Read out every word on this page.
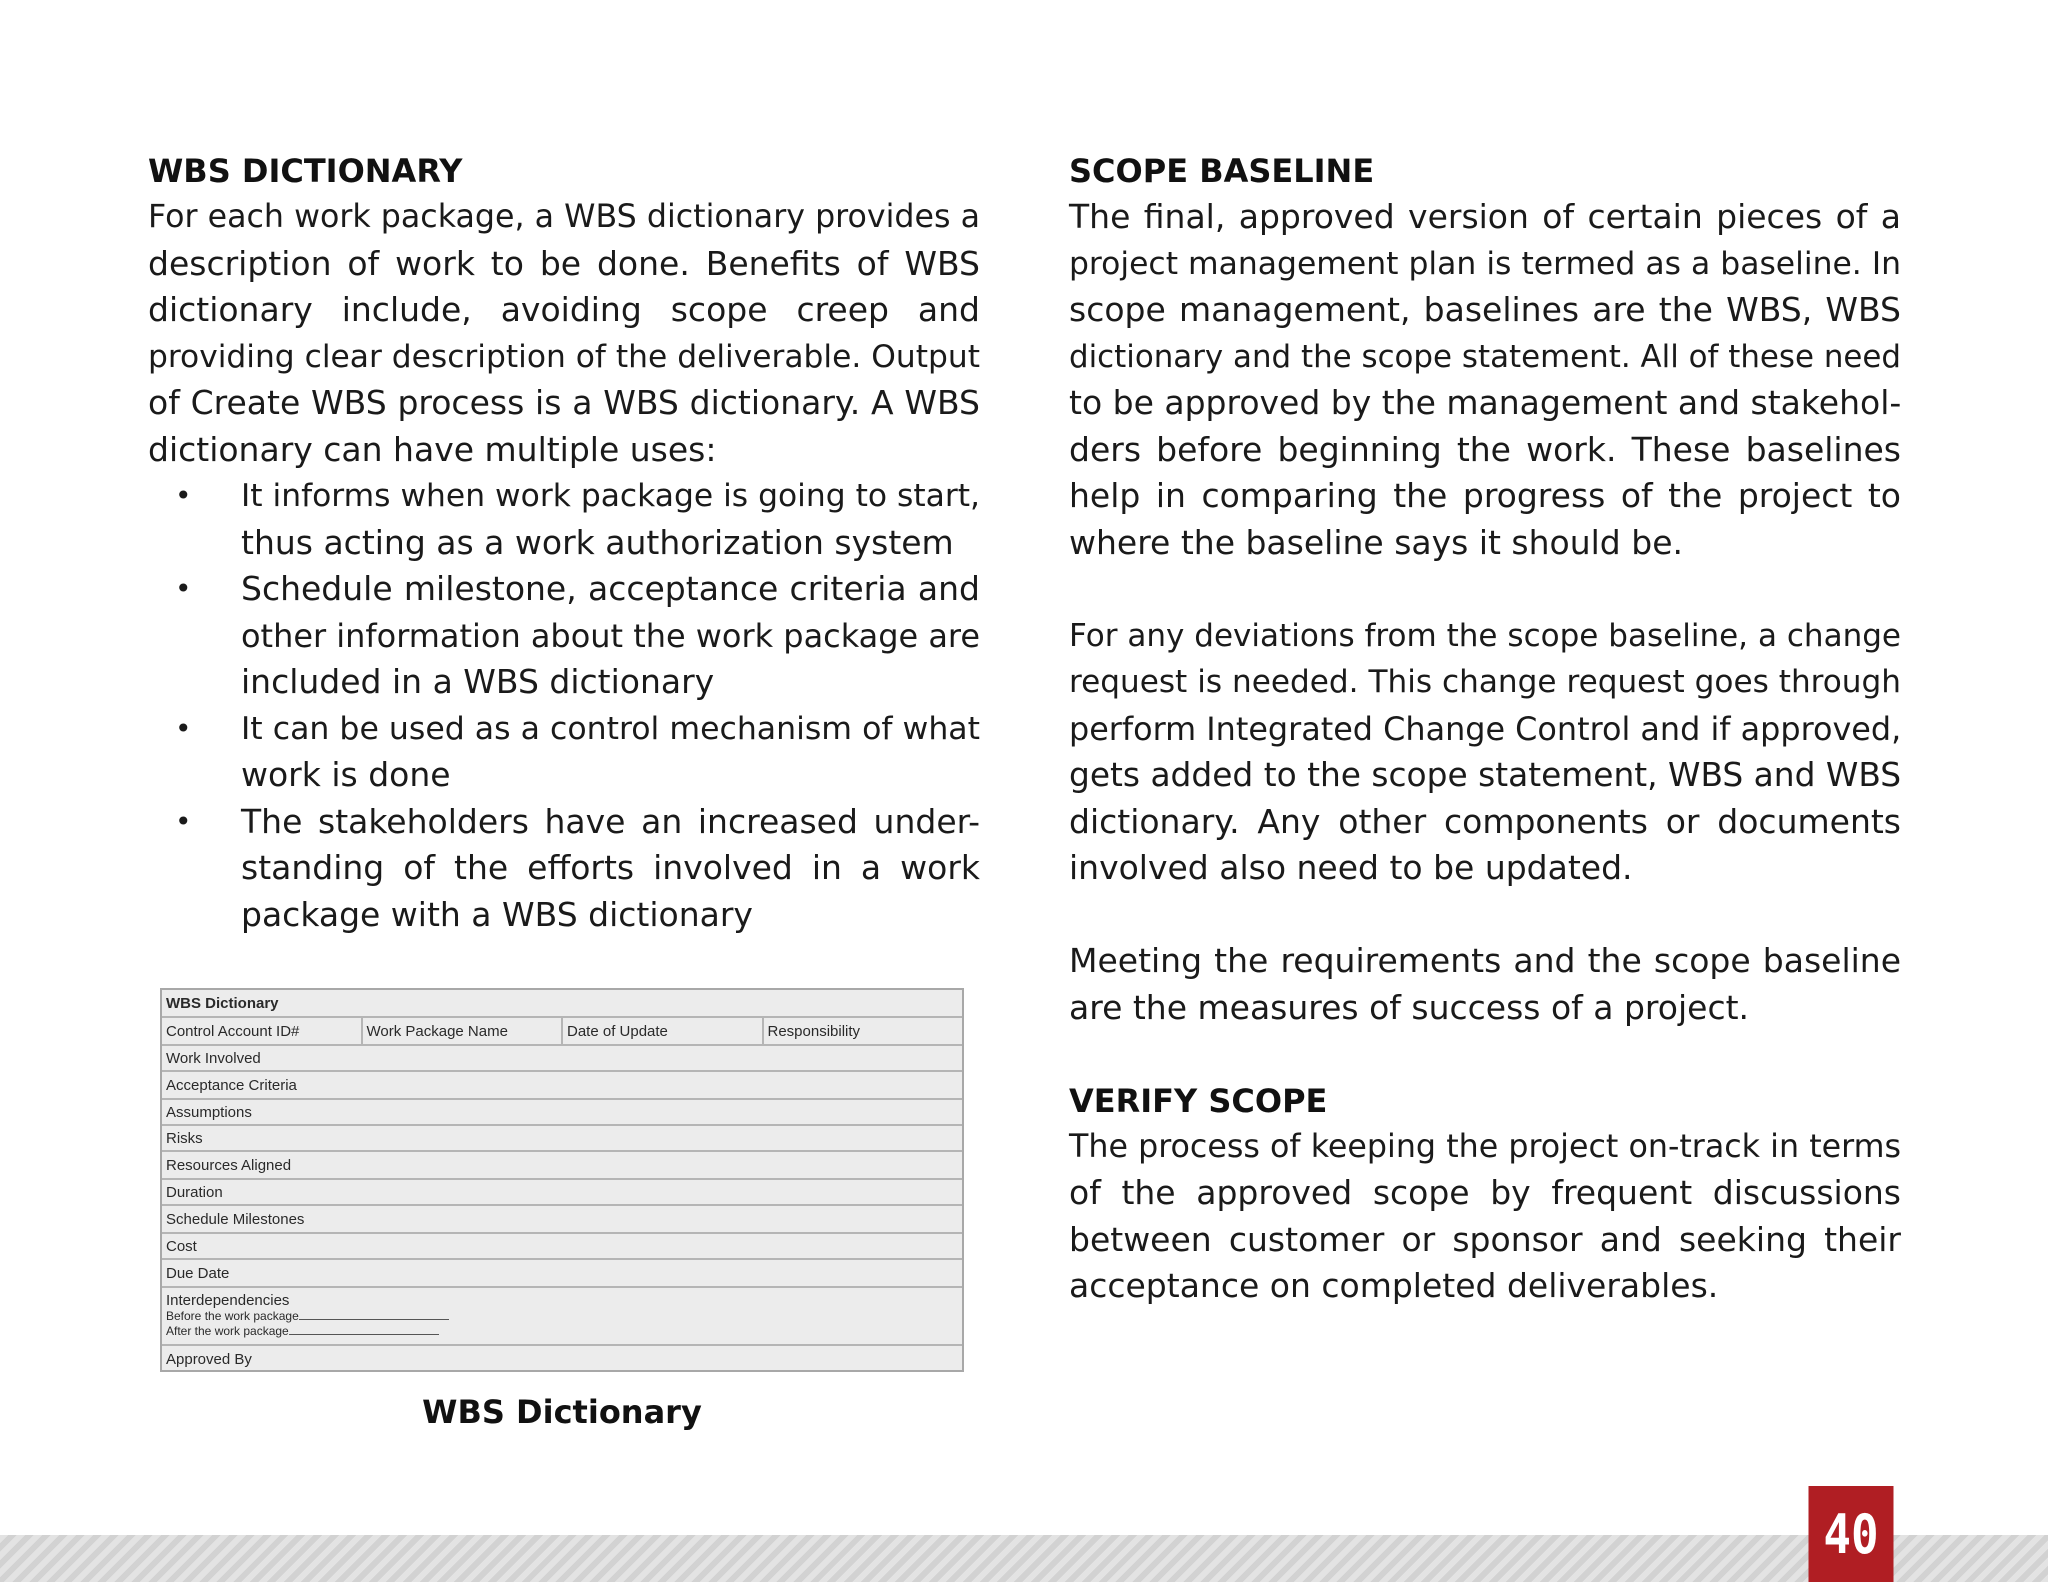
WBS DICTIONARY
For each work package, a WBS dictionary provides a
description of work to be done. Benefits of WBS
dictionary include, avoiding scope creep and
providing clear description of the deliverable. Output
of Create WBS process is a WBS dictionary. A WBS
dictionary can have multiple uses:
• It informs when work package is going to start,
thus acting as a work authorization system
• Schedule milestone, acceptance criteria and
other information about the work package are
included in a WBS dictionary
• It can be used as a control mechanism of what
work is done
• The stakeholders have an increased under-
standing of the efforts involved in a work
package with a WBS dictionary
WBS Dictionary
Control Account ID#	Work Package Name	Date of Update	Responsibility
Work Involved
Acceptance Criteria
Assumptions
Risks
Resources Aligned
Duration
Schedule Milestones
Cost
Due Date
Interdependencies
Before the work package
After the work package
Approved By
WBS Dictionary
SCOPE BASELINE
The final, approved version of certain pieces of a
project management plan is termed as a baseline. In
scope management, baselines are the WBS, WBS
dictionary and the scope statement. All of these need
to be approved by the management and stakehol-
ders before beginning the work. These baselines
help in comparing the progress of the project to
where the baseline says it should be.
For any deviations from the scope baseline, a change
request is needed. This change request goes through
perform Integrated Change Control and if approved,
gets added to the scope statement, WBS and WBS
dictionary. Any other components or documents
involved also need to be updated.
Meeting the requirements and the scope baseline
are the measures of success of a project.
VERIFY SCOPE
The process of keeping the project on-track in terms
of the approved scope by frequent discussions
between customer or sponsor and seeking their
acceptance on completed deliverables.
40
